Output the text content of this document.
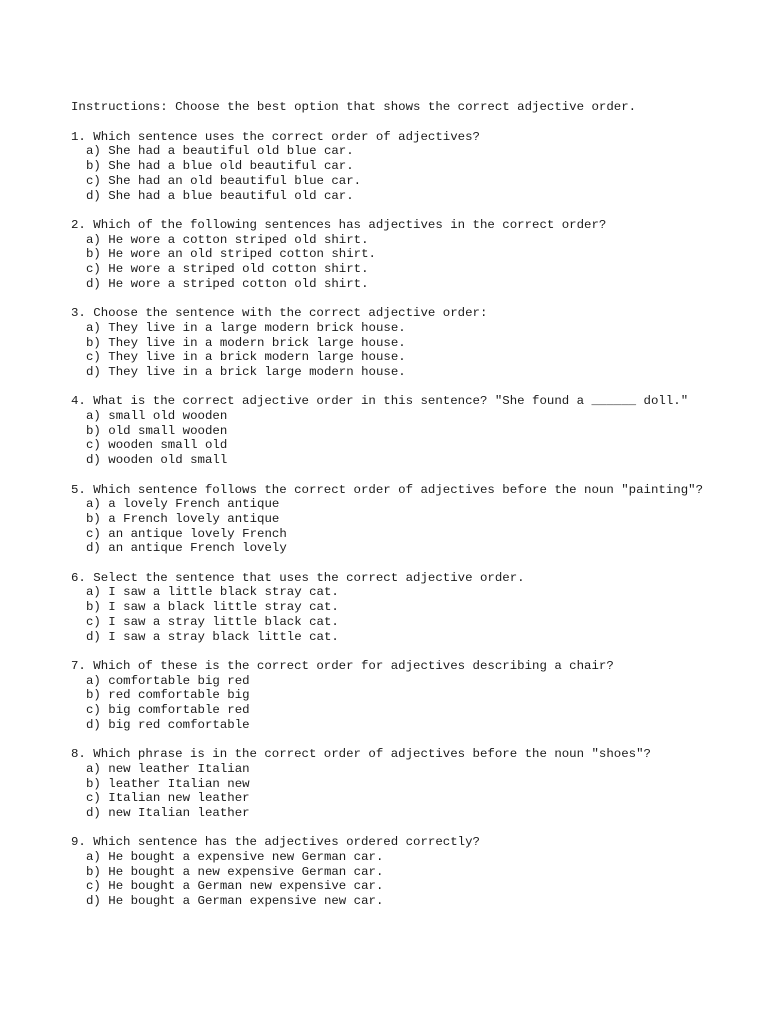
Instructions: Choose the best option that shows the correct adjective order.
1. Which sentence uses the correct order of adjectives?
a) She had a beautiful old blue car.
b) She had a blue old beautiful car.
c) She had an old beautiful blue car.
d) She had a blue beautiful old car.
2. Which of the following sentences has adjectives in the correct order?
a) He wore a cotton striped old shirt.
b) He wore an old striped cotton shirt.
c) He wore a striped old cotton shirt.
d) He wore a striped cotton old shirt.
3. Choose the sentence with the correct adjective order:
a) They live in a large modern brick house.
b) They live in a modern brick large house.
c) They live in a brick modern large house.
d) They live in a brick large modern house.
4. What is the correct adjective order in this sentence? "She found a ______ doll."
a) small old wooden
b) old small wooden
c) wooden small old
d) wooden old small
5. Which sentence follows the correct order of adjectives before the noun "painting"?
a) a lovely French antique
b) a French lovely antique
c) an antique lovely French
d) an antique French lovely
6. Select the sentence that uses the correct adjective order.
a) I saw a little black stray cat.
b) I saw a black little stray cat.
c) I saw a stray little black cat.
d) I saw a stray black little cat.
7. Which of these is the correct order for adjectives describing a chair?
a) comfortable big red
b) red comfortable big
c) big comfortable red
d) big red comfortable
8. Which phrase is in the correct order of adjectives before the noun "shoes"?
a) new leather Italian
b) leather Italian new
c) Italian new leather
d) new Italian leather
9. Which sentence has the adjectives ordered correctly?
a) He bought a expensive new German car.
b) He bought a new expensive German car.
c) He bought a German new expensive car.
d) He bought a German expensive new car.
